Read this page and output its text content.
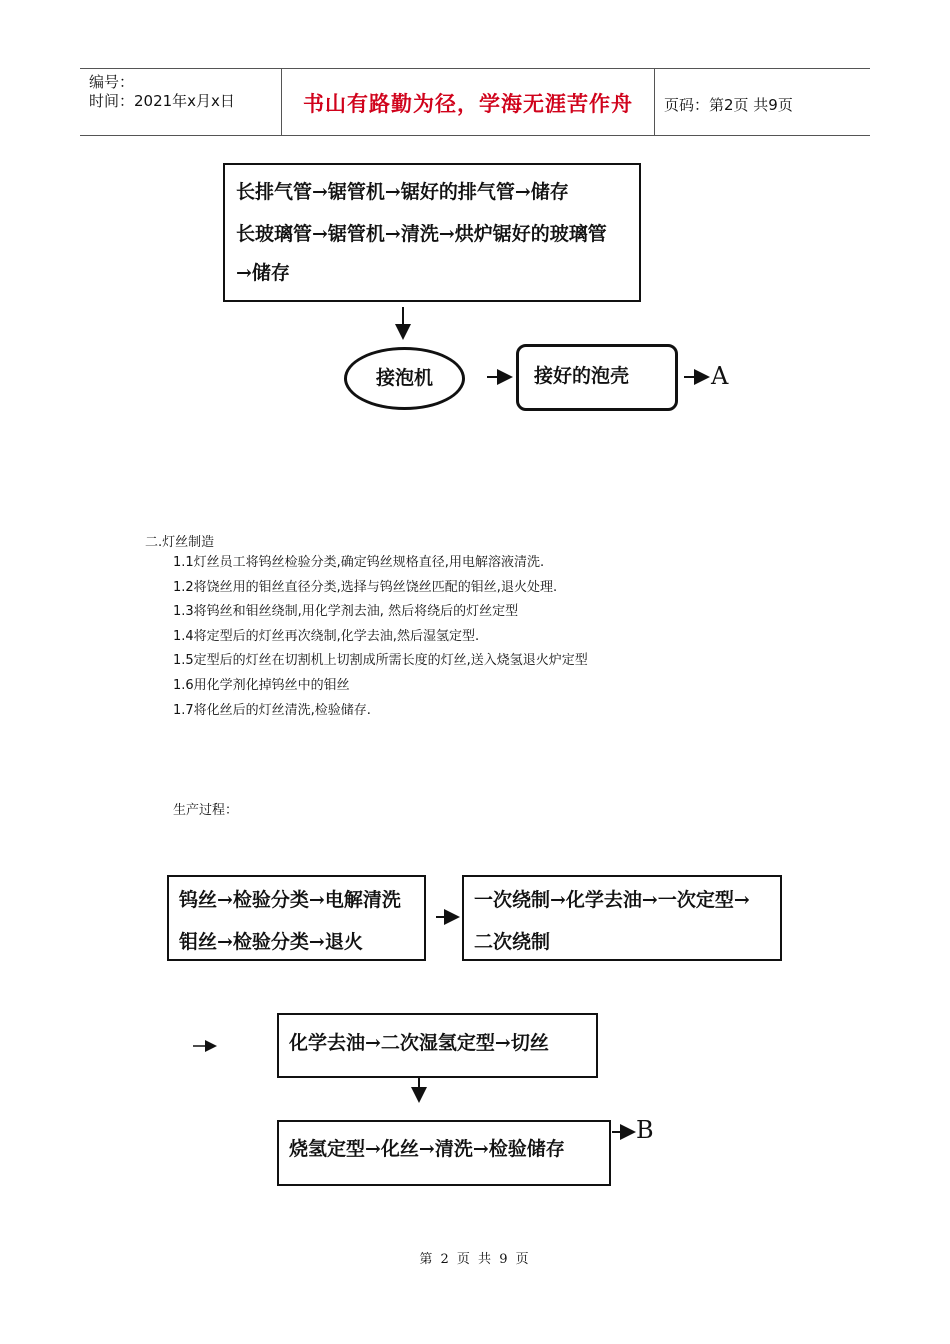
编号：
时间：2021年x月x日	书山有路勤为径，学海无涯苦作舟	页码：第2页 共9页
长排气管→锯管机→锯好的排气管→储存
长玻璃管→锯管机→清洗→烘炉锯好的玻璃管
→储存
接泡机	接好的泡壳	A
二.灯丝制造
1.1灯丝员工将钨丝检验分类,确定钨丝规格直径,用电解溶液清洗.
1.2将饶丝用的钼丝直径分类,选择与钨丝饶丝匹配的钼丝,退火处理.
1.3将钨丝和钼丝绕制,用化学剂去油, 然后将绕后的灯丝定型
1.4将定型后的灯丝再次绕制,化学去油,然后湿氢定型.
1.5定型后的灯丝在切割机上切割成所需长度的灯丝,送入烧氢退火炉定型
1.6用化学剂化掉钨丝中的钼丝
1.7将化丝后的灯丝清洗,检验储存.
生产过程：
钨丝→检验分类→电解清洗
钼丝→检验分类→退火
一次绕制→化学去油→一次定型→
二次绕制
化学去油→二次湿氢定型→切丝
烧氢定型→化丝→清洗→检验储存
B
第 2 页 共 9 页
